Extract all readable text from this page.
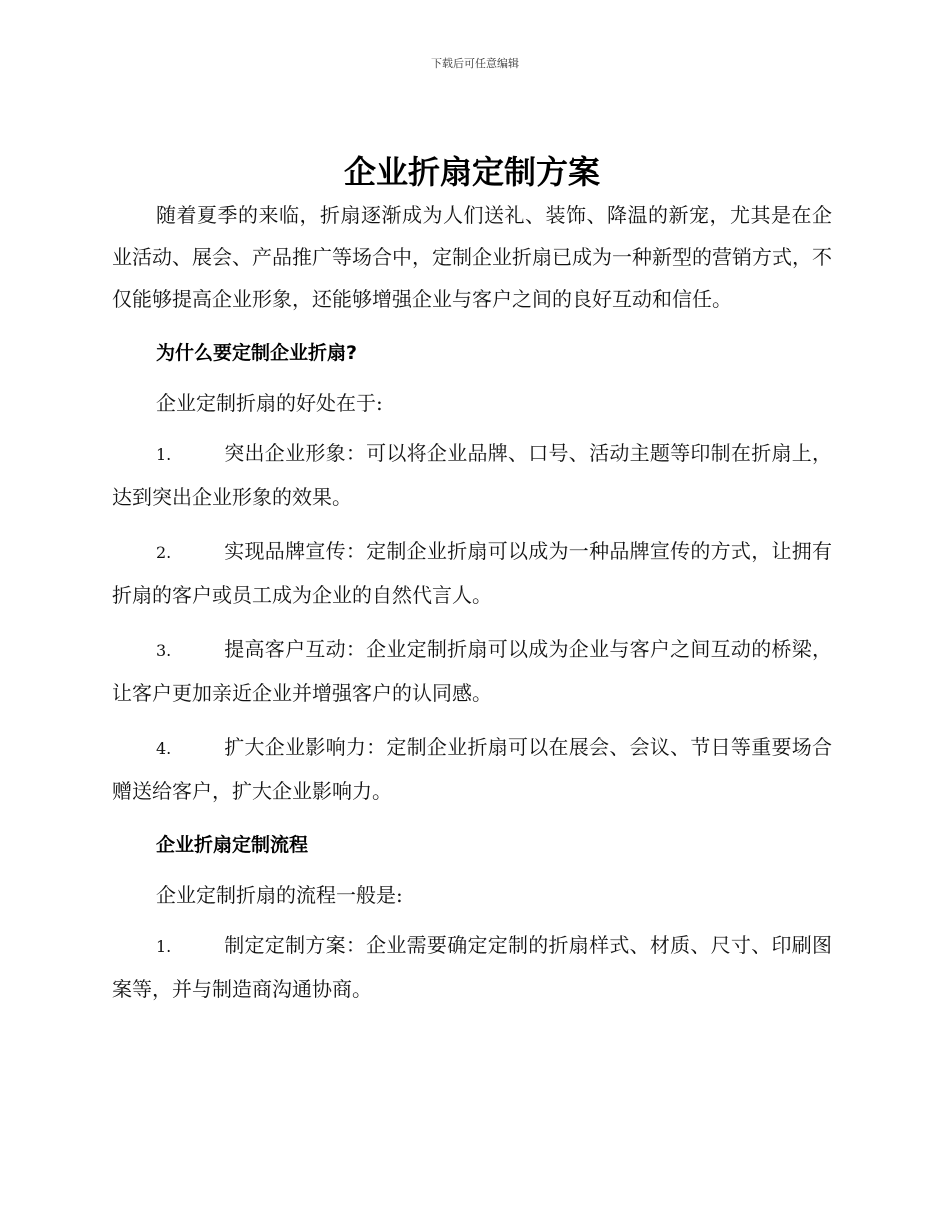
下载后可任意编辑
企业折扇定制方案

随着夏季的来临，折扇逐渐成为人们送礼、装饰、降温的新宠，尤其是在企业活动、展会、产品推广等场合中，定制企业折扇已成为一种新型的营销方式，不仅能够提高企业形象，还能够增强企业与客户之间的良好互动和信任。

为什么要定制企业折扇?
企业定制折扇的好处在于:

1.	突出企业形象：可以将企业品牌、口号、活动主题等印制在折扇上，达到突出企业形象的效果。

2.	实现品牌宣传：定制企业折扇可以成为一种品牌宣传的方式，让拥有折扇的客户或员工成为企业的自然代言人。

3.	提高客户互动：企业定制折扇可以成为企业与客户之间互动的桥梁，让客户更加亲近企业并增强客户的认同感。

4.	扩大企业影响力：定制企业折扇可以在展会、会议、节日等重要场合赠送给客户，扩大企业影响力。

企业折扇定制流程
企业定制折扇的流程一般是:

1.	制定定制方案：企业需要确定定制的折扇样式、材质、尺寸、印刷图案等，并与制造商沟通协商。
